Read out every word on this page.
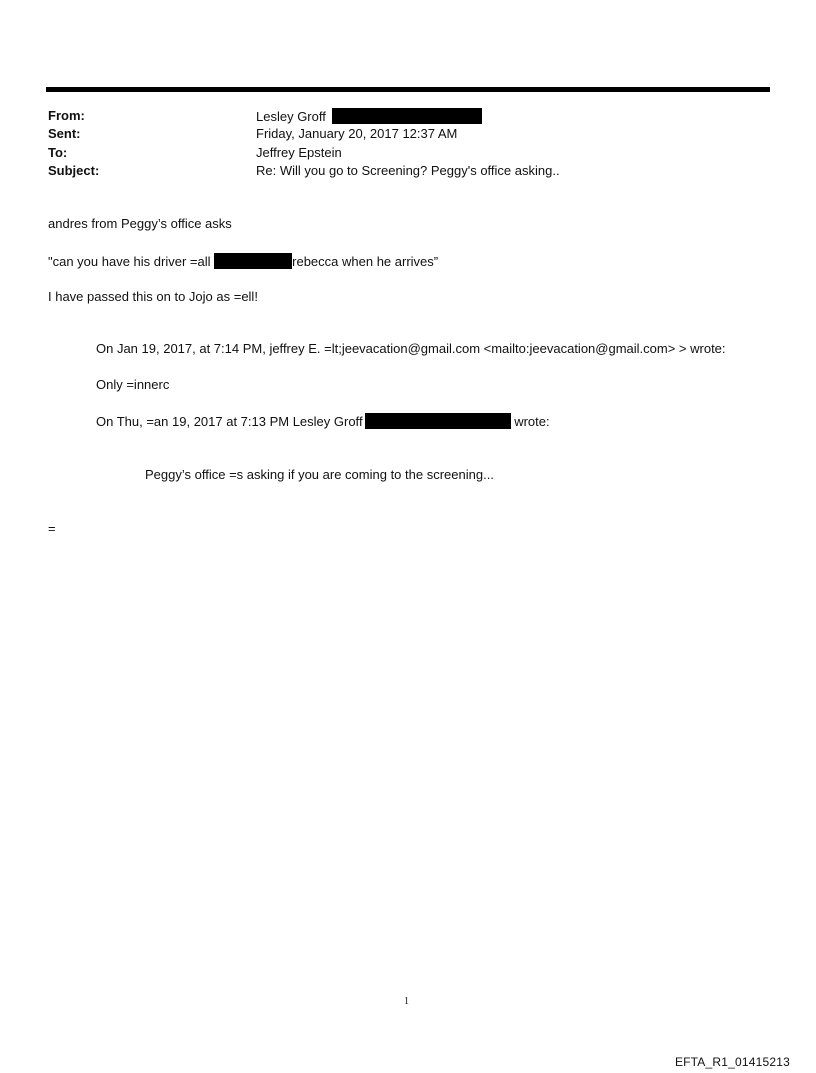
From:	Lesley Groff
Sent:	Friday, January 20, 2017 12:37 AM
To:	Jeffrey Epstein
Subject:	Re: Will you go to Screening? Peggy's office asking..
andres from Peggy’s office asks
"can you have his driver =all	rebecca when he arrives”
I have passed this on to Jojo as =ell!
On Jan 19, 2017, at 7:14 PM, jeffrey E. =lt;jeevacation@gmail.com <mailto:jeevacation@gmail.com> > wrote:
Only =innerc
On Thu, =an 19, 2017 at 7:13 PM Lesley Groff	wrote:
Peggy’s office =s asking if you are coming to the screening...
=
1
EFTA_R1_01415213
